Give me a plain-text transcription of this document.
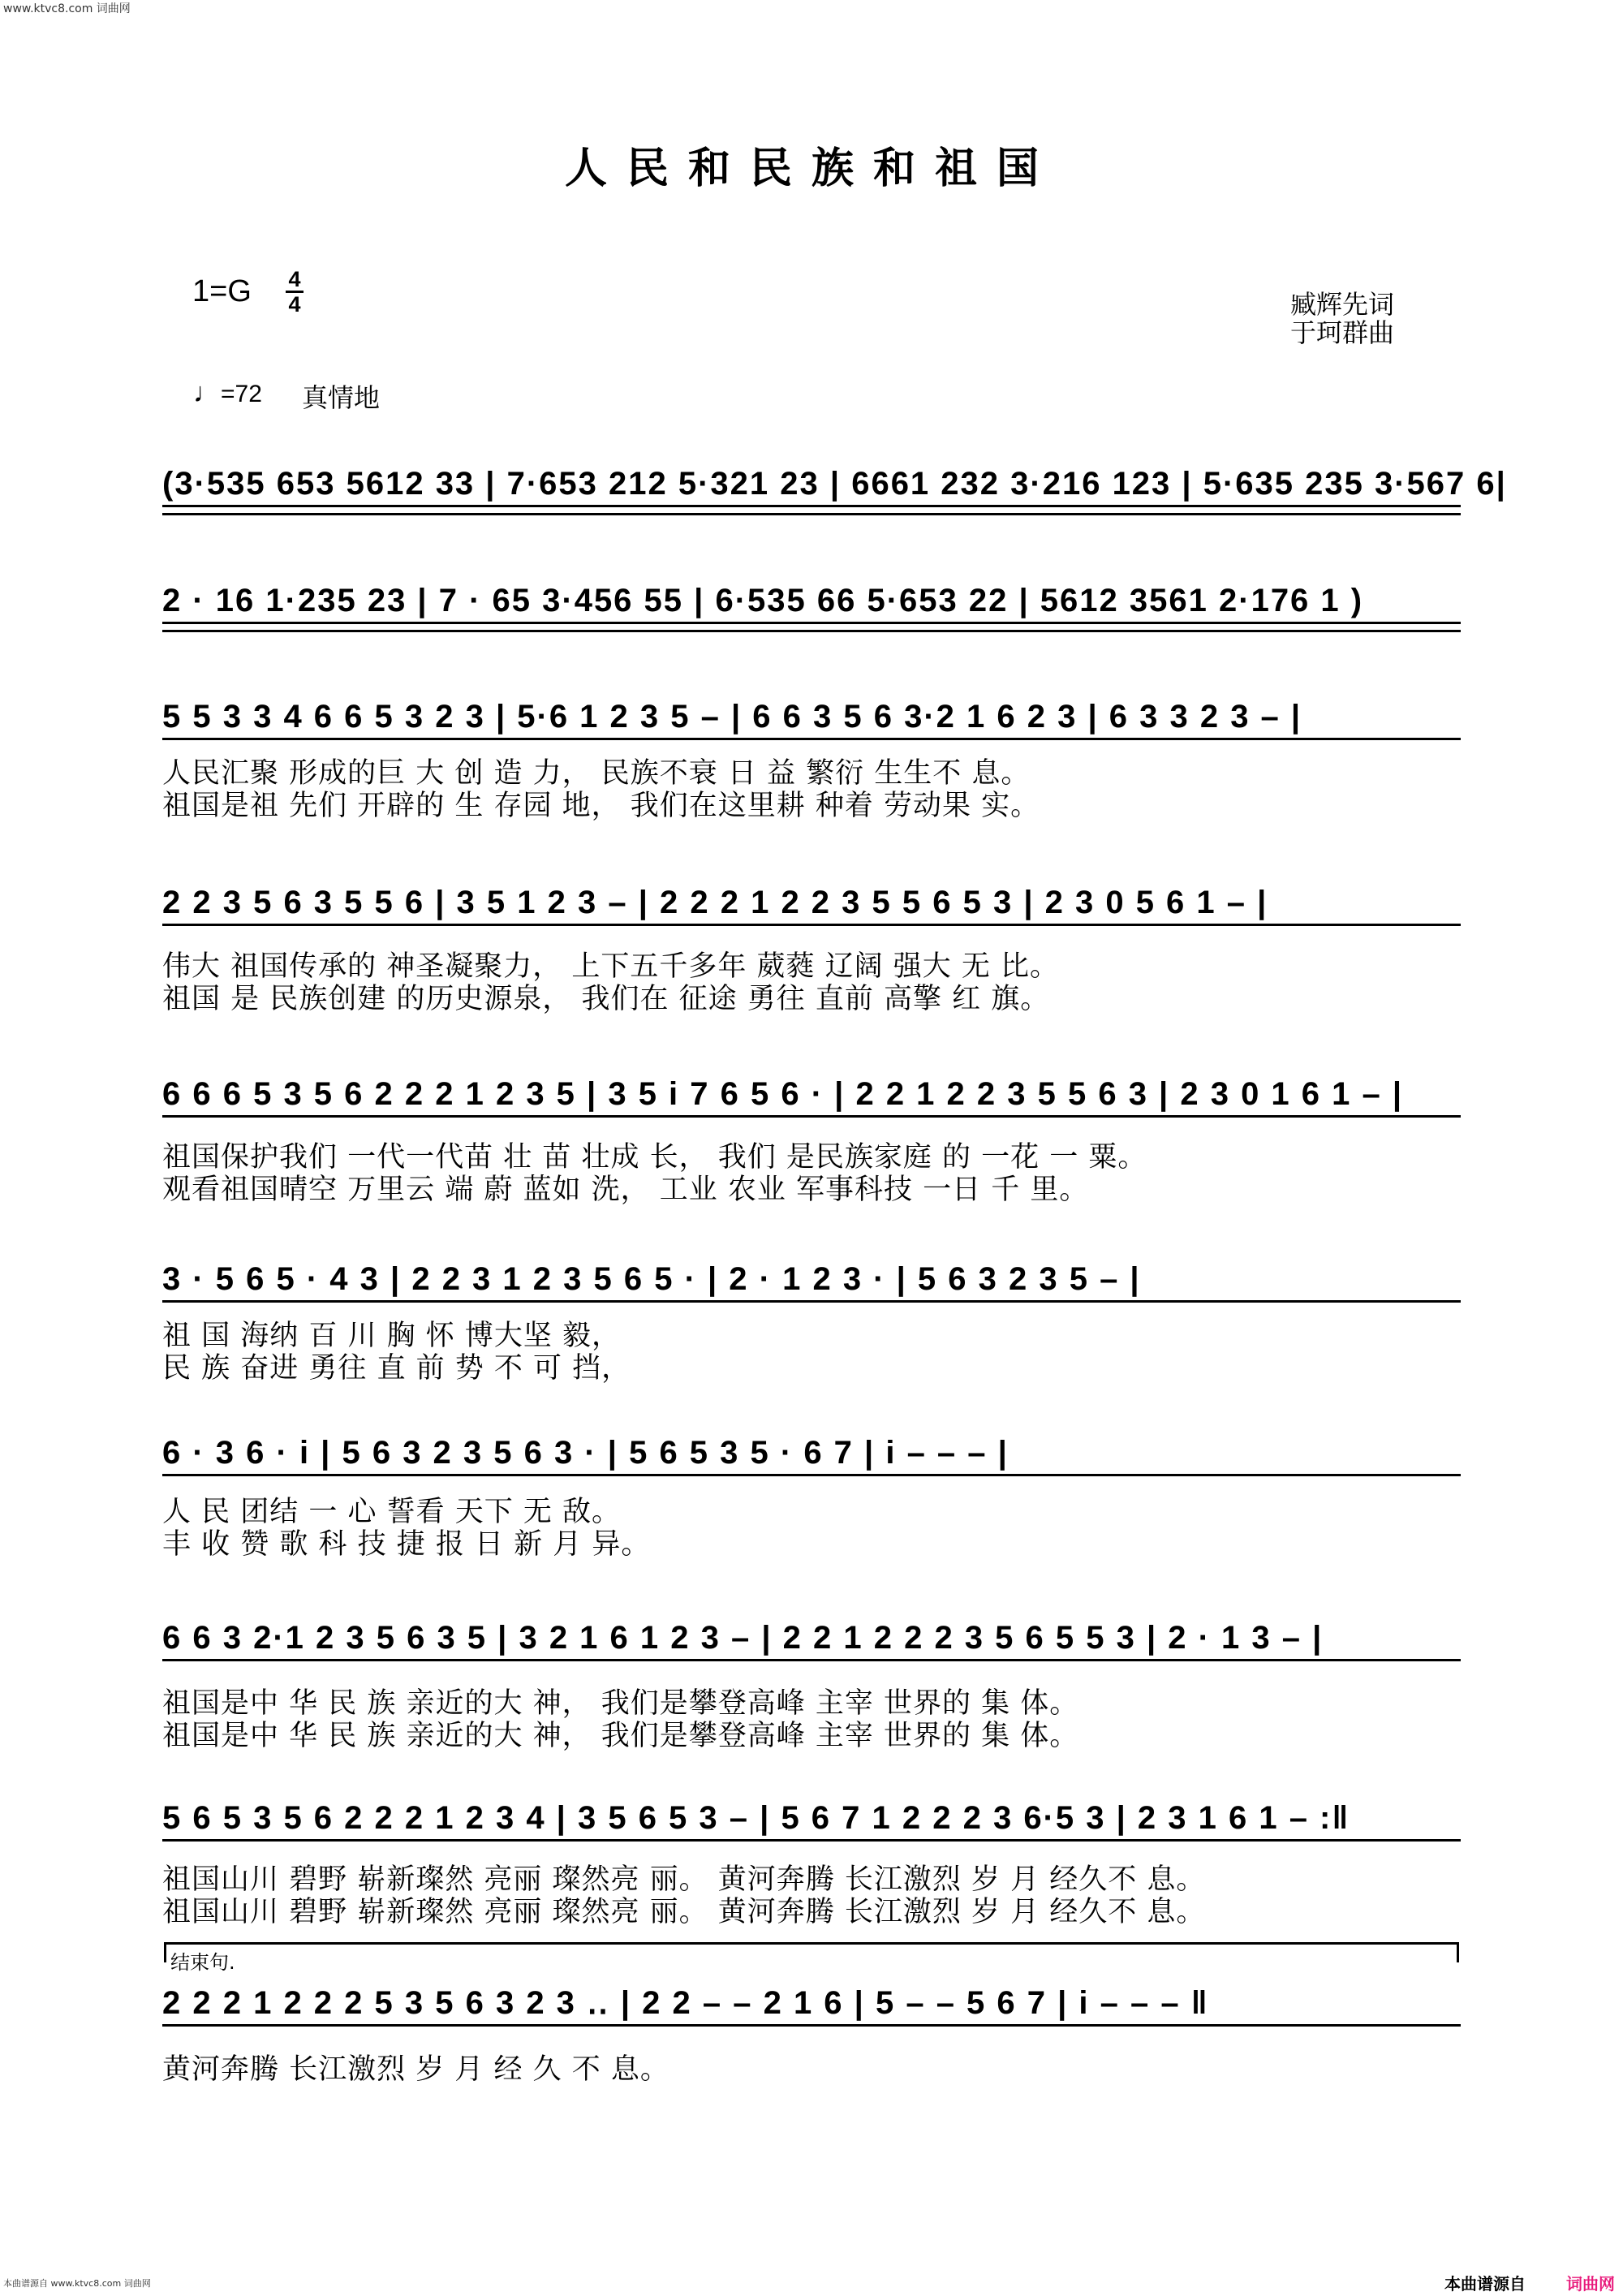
www.ktvc8.com 词曲网
人民和民族和祖国
1=G 4
4	臧辉先词
于珂群曲
♩=72 真情地
(3·535 653 5612 33 | 7·653 212 5·321 23 | 6661 232 3·216 123 | 5·635 235 3·567 6|
2 · 16 1·235 23 | 7 · 65 3·456 55 | 6·535 66 5·653 22 | 5612 3561 2·176 1 )
5 5 3 3 4 6 6 5 3 2 3 | 5·6 1 2 3 5 – | 6 6 3 5 6 3·2 1 6 2 3 | 6 3 3 2 3 – |
人民汇聚 形成的巨 大 创 造 力， 民族不衰 日 益 繁衍 生生不 息。
祖国是祖 先们 开辟的 生 存园 地， 我们在这里耕 种着 劳动果 实。
2 2 3 5 6 3 5 5 6 | 3 5 1 2 3 – | 2 2 2 1 2 2 3 5 5 6 5 3 | 2 3 0 5 6 1 – |
伟大 祖国传承的 神圣凝聚力， 上下五千多年 葳蕤 辽阔 强大 无 比。
祖国 是 民族创建 的历史源泉， 我们在 征途 勇往 直前 高擎 红 旗。
6 6 6 5 3 5 6 2 2 2 1 2 3 5 | 3 5 i 7 6 5 6 · | 2 2 1 2 2 3 5 5 6 3 | 2 3 0 1 6 1 – |
祖国保护我们 一代一代苗 壮 苗 壮成 长， 我们 是民族家庭 的 一花 一 粟。
观看祖国晴空 万里云 端 蔚 蓝如 洗， 工业 农业 军事科技 一日 千 里。
3 · 5 6 5 · 4 3 | 2 2 3 1 2 3 5 6 5 · | 2 · 1 2 3 · | 5 6 3 2 3 5 – |
祖 国 海纳 百 川 胸 怀 博大坚 毅，
民 族 奋进 勇往 直 前 势 不 可 挡，
6 · 3 6 · i | 5 6 3 2 3 5 6 3 · | 5 6 5 3 5 · 6 7 | i – – – |
人 民 团结 一 心 誓看 天下 无 敌。
丰 收 赞 歌 科 技 捷 报 日 新 月 异。
6 6 3 2·1 2 3 5 6 3 5 | 3 2 1 6 1 2 3 – | 2 2 1 2 2 2 3 5 6 5 5 3 | 2 · 1 3 – |
祖国是中 华 民 族 亲近的大 神， 我们是攀登高峰 主宰 世界的 集 体。
祖国是中 华 民 族 亲近的大 神， 我们是攀登高峰 主宰 世界的 集 体。
5 6 5 3 5 6 2 2 2 1 2 3 4 | 3 5 6 5 3 – | 5 6 7 1 2 2 2 3 6·5 3 | 2 3 1 6 1 – :‖
祖国山川 碧野 崭新璨然 亮丽 璨然亮 丽。 黄河奔腾 长江激烈 岁 月 经久不 息。
祖国山川 碧野 崭新璨然 亮丽 璨然亮 丽。 黄河奔腾 长江激烈 岁 月 经久不 息。
结束句.
2 2 2 1 2 2 2 5 3 5 6 3 2 3 ‥ | 2 2 – – 2 1 6 | 5 – – 5 6 7 | i – – – ‖
黄河奔腾 长江激烈 岁 月 经 久 不 息。
本曲谱源自 www.ktvc8.com 词曲网	本曲谱源自	词曲网
